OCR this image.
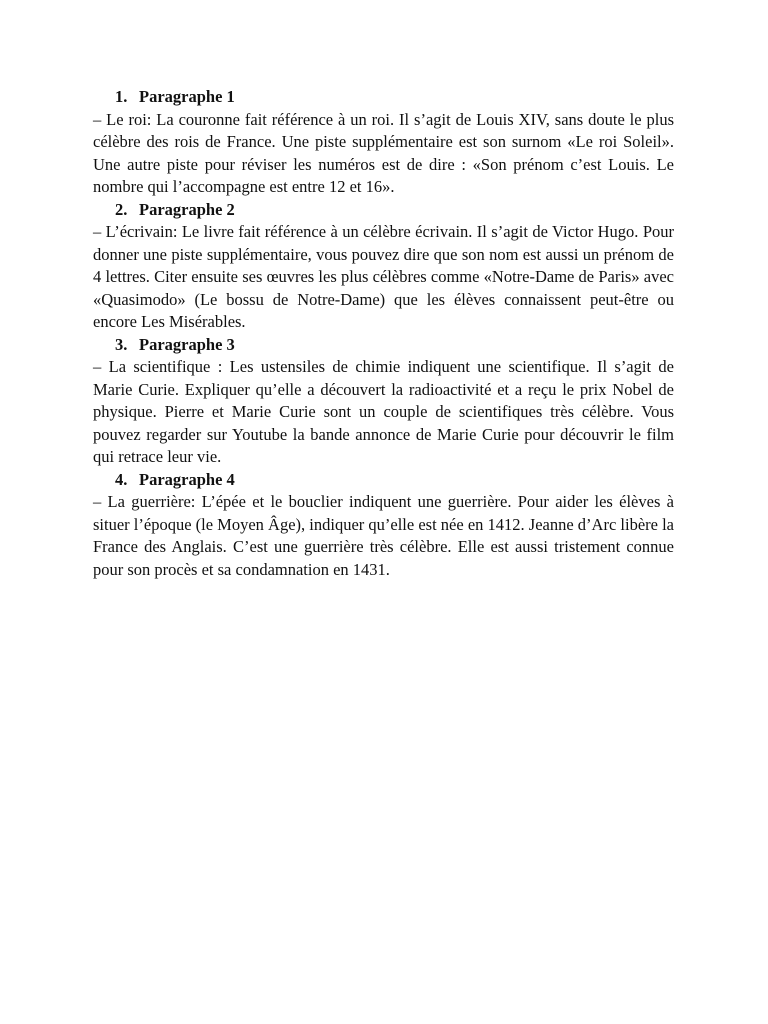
1. Paragraphe 1

– Le roi: La couronne fait référence à un roi. Il s’agit de Louis XIV, sans doute le plus célèbre des rois de France. Une piste supplémentaire est son surnom «Le roi Soleil». Une autre piste pour réviser les numéros est de dire : «Son prénom c’est Louis. Le nombre qui l’accompagne est entre 12 et 16».

2. Paragraphe 2

– L’écrivain: Le livre fait référence à un célèbre écrivain. Il s’agit de Victor Hugo. Pour donner une piste supplémentaire, vous pouvez dire que son nom est aussi un prénom de 4 lettres. Citer ensuite ses œuvres les plus célèbres comme «Notre-Dame de Paris» avec «Quasimodo» (Le bossu de Notre-Dame) que les élèves connaissent peut-être ou encore Les Misérables.

3. Paragraphe 3

– La scientifique : Les ustensiles de chimie indiquent une scientifique. Il s’agit de Marie Curie. Expliquer qu’elle a découvert la radioactivité et a reçu le prix Nobel de physique. Pierre et Marie Curie sont un couple de scientifiques très célèbre. Vous pouvez regarder sur Youtube la bande annonce de Marie Curie pour découvrir le film qui retrace leur vie.

4. Paragraphe 4

– La guerrière: L’épée et le bouclier indiquent une guerrière. Pour aider les élèves à situer l’époque (le Moyen Âge), indiquer qu’elle est née en 1412. Jeanne d’Arc libère la France des Anglais. C’est une guerrière très célèbre. Elle est aussi tristement connue pour son procès et sa condamnation en 1431.
